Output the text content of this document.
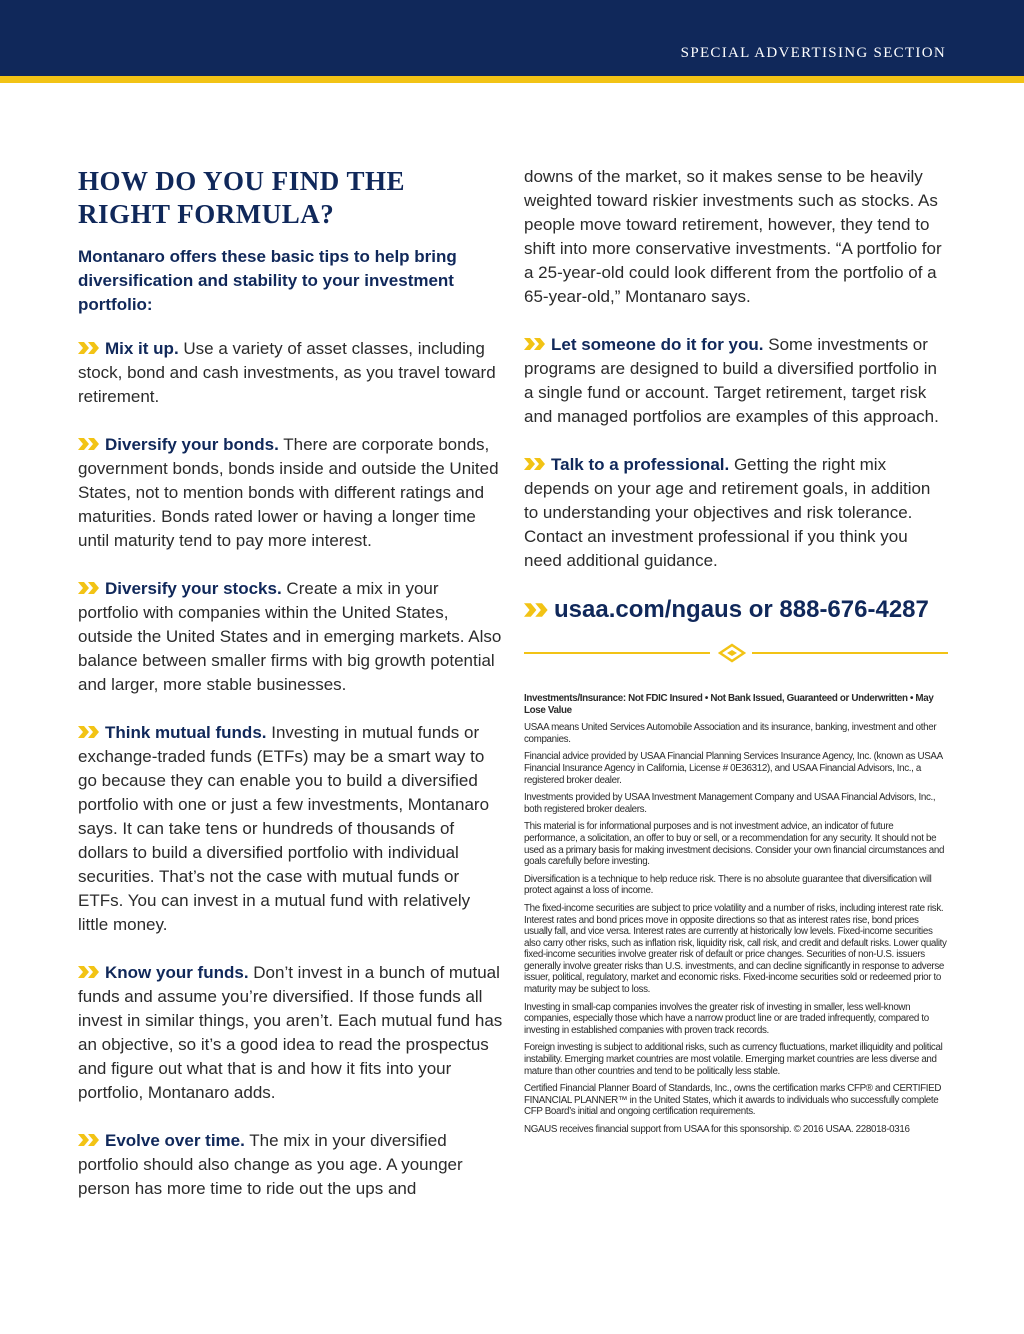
SPECIAL ADVERTISING SECTION
HOW DO YOU FIND THE RIGHT FORMULA?

Montanaro offers these basic tips to help bring diversification and stability to your investment portfolio:

Mix it up. Use a variety of asset classes, including stock, bond and cash investments, as you travel toward retirement.

Diversify your bonds. There are corporate bonds, government bonds, bonds inside and outside the United States, not to mention bonds with different ratings and maturities. Bonds rated lower or having a longer time until maturity tend to pay more interest.

Diversify your stocks. Create a mix in your portfolio with companies within the United States, outside the United States and in emerging markets. Also balance between smaller firms with big growth potential and larger, more stable businesses.

Think mutual funds. Investing in mutual funds or exchange-traded funds (ETFs) may be a smart way to go because they can enable you to build a diversified portfolio with one or just a few investments, Montanaro says. It can take tens or hundreds of thousands of dollars to build a diversified portfolio with individual securities. That’s not the case with mutual funds or ETFs. You can invest in a mutual fund with relatively little money.

Know your funds. Don’t invest in a bunch of mutual funds and assume you’re diversified. If those funds all invest in similar things, you aren’t. Each mutual fund has an objective, so it’s a good idea to read the prospectus and figure out what that is and how it fits into your portfolio, Montanaro adds.

Evolve over time. The mix in your diversified portfolio should also change as you age. A younger person has more time to ride out the ups and

downs of the market, so it makes sense to be heavily weighted toward riskier investments such as stocks. As people move toward retirement, however, they tend to shift into more conservative investments. “A portfolio for a 25-year-old could look different from the portfolio of a 65-year-old,” Montanaro says.

Let someone do it for you. Some investments or programs are designed to build a diversified portfolio in a single fund or account. Target retirement, target risk and managed portfolios are examples of this approach.

Talk to a professional. Getting the right mix depends on your age and retirement goals, in addition to understanding your objectives and risk tolerance. Contact an investment professional if you think you need additional guidance.

usaa.com/ngaus or 888-676-4287

Investments/Insurance: Not FDIC Insured • Not Bank Issued, Guaranteed or Underwritten • May Lose Value

USAA means United Services Automobile Association and its insurance, banking, investment and other companies.

Financial advice provided by USAA Financial Planning Services Insurance Agency, Inc. (known as USAA Financial Insurance Agency in California, License # 0E36312), and USAA Financial Advisors, Inc., a registered broker dealer.

Investments provided by USAA Investment Management Company and USAA Financial Advisors, Inc., both registered broker dealers.

This material is for informational purposes and is not investment advice, an indicator of future performance, a solicitation, an offer to buy or sell, or a recommendation for any security. It should not be used as a primary basis for making investment decisions. Consider your own financial circumstances and goals carefully before investing.

Diversification is a technique to help reduce risk. There is no absolute guarantee that diversification will protect against a loss of income.

The fixed-income securities are subject to price volatility and a number of risks, including interest rate risk. Interest rates and bond prices move in opposite directions so that as interest rates rise, bond prices usually fall, and vice versa. Interest rates are currently at historically low levels. Fixed-income securities also carry other risks, such as inflation risk, liquidity risk, call risk, and credit and default risks. Lower quality fixed-income securities involve greater risk of default or price changes. Securities of non-U.S. issuers generally involve greater risks than U.S. investments, and can decline significantly in response to adverse issuer, political, regulatory, market and economic risks. Fixed-income securities sold or redeemed prior to maturity may be subject to loss.

Investing in small-cap companies involves the greater risk of investing in smaller, less well-known companies, especially those which have a narrow product line or are traded infrequently, compared to investing in established companies with proven track records.

Foreign investing is subject to additional risks, such as currency fluctuations, market illiquidity and political instability. Emerging market countries are most volatile. Emerging market countries are less diverse and mature than other countries and tend to be politically less stable.

Certified Financial Planner Board of Standards, Inc., owns the certification marks CFP® and CERTIFIED FINANCIAL PLANNER™ in the United States, which it awards to individuals who successfully complete CFP Board’s initial and ongoing certification requirements.

NGAUS receives financial support from USAA for this sponsorship. © 2016 USAA. 228018-0316
